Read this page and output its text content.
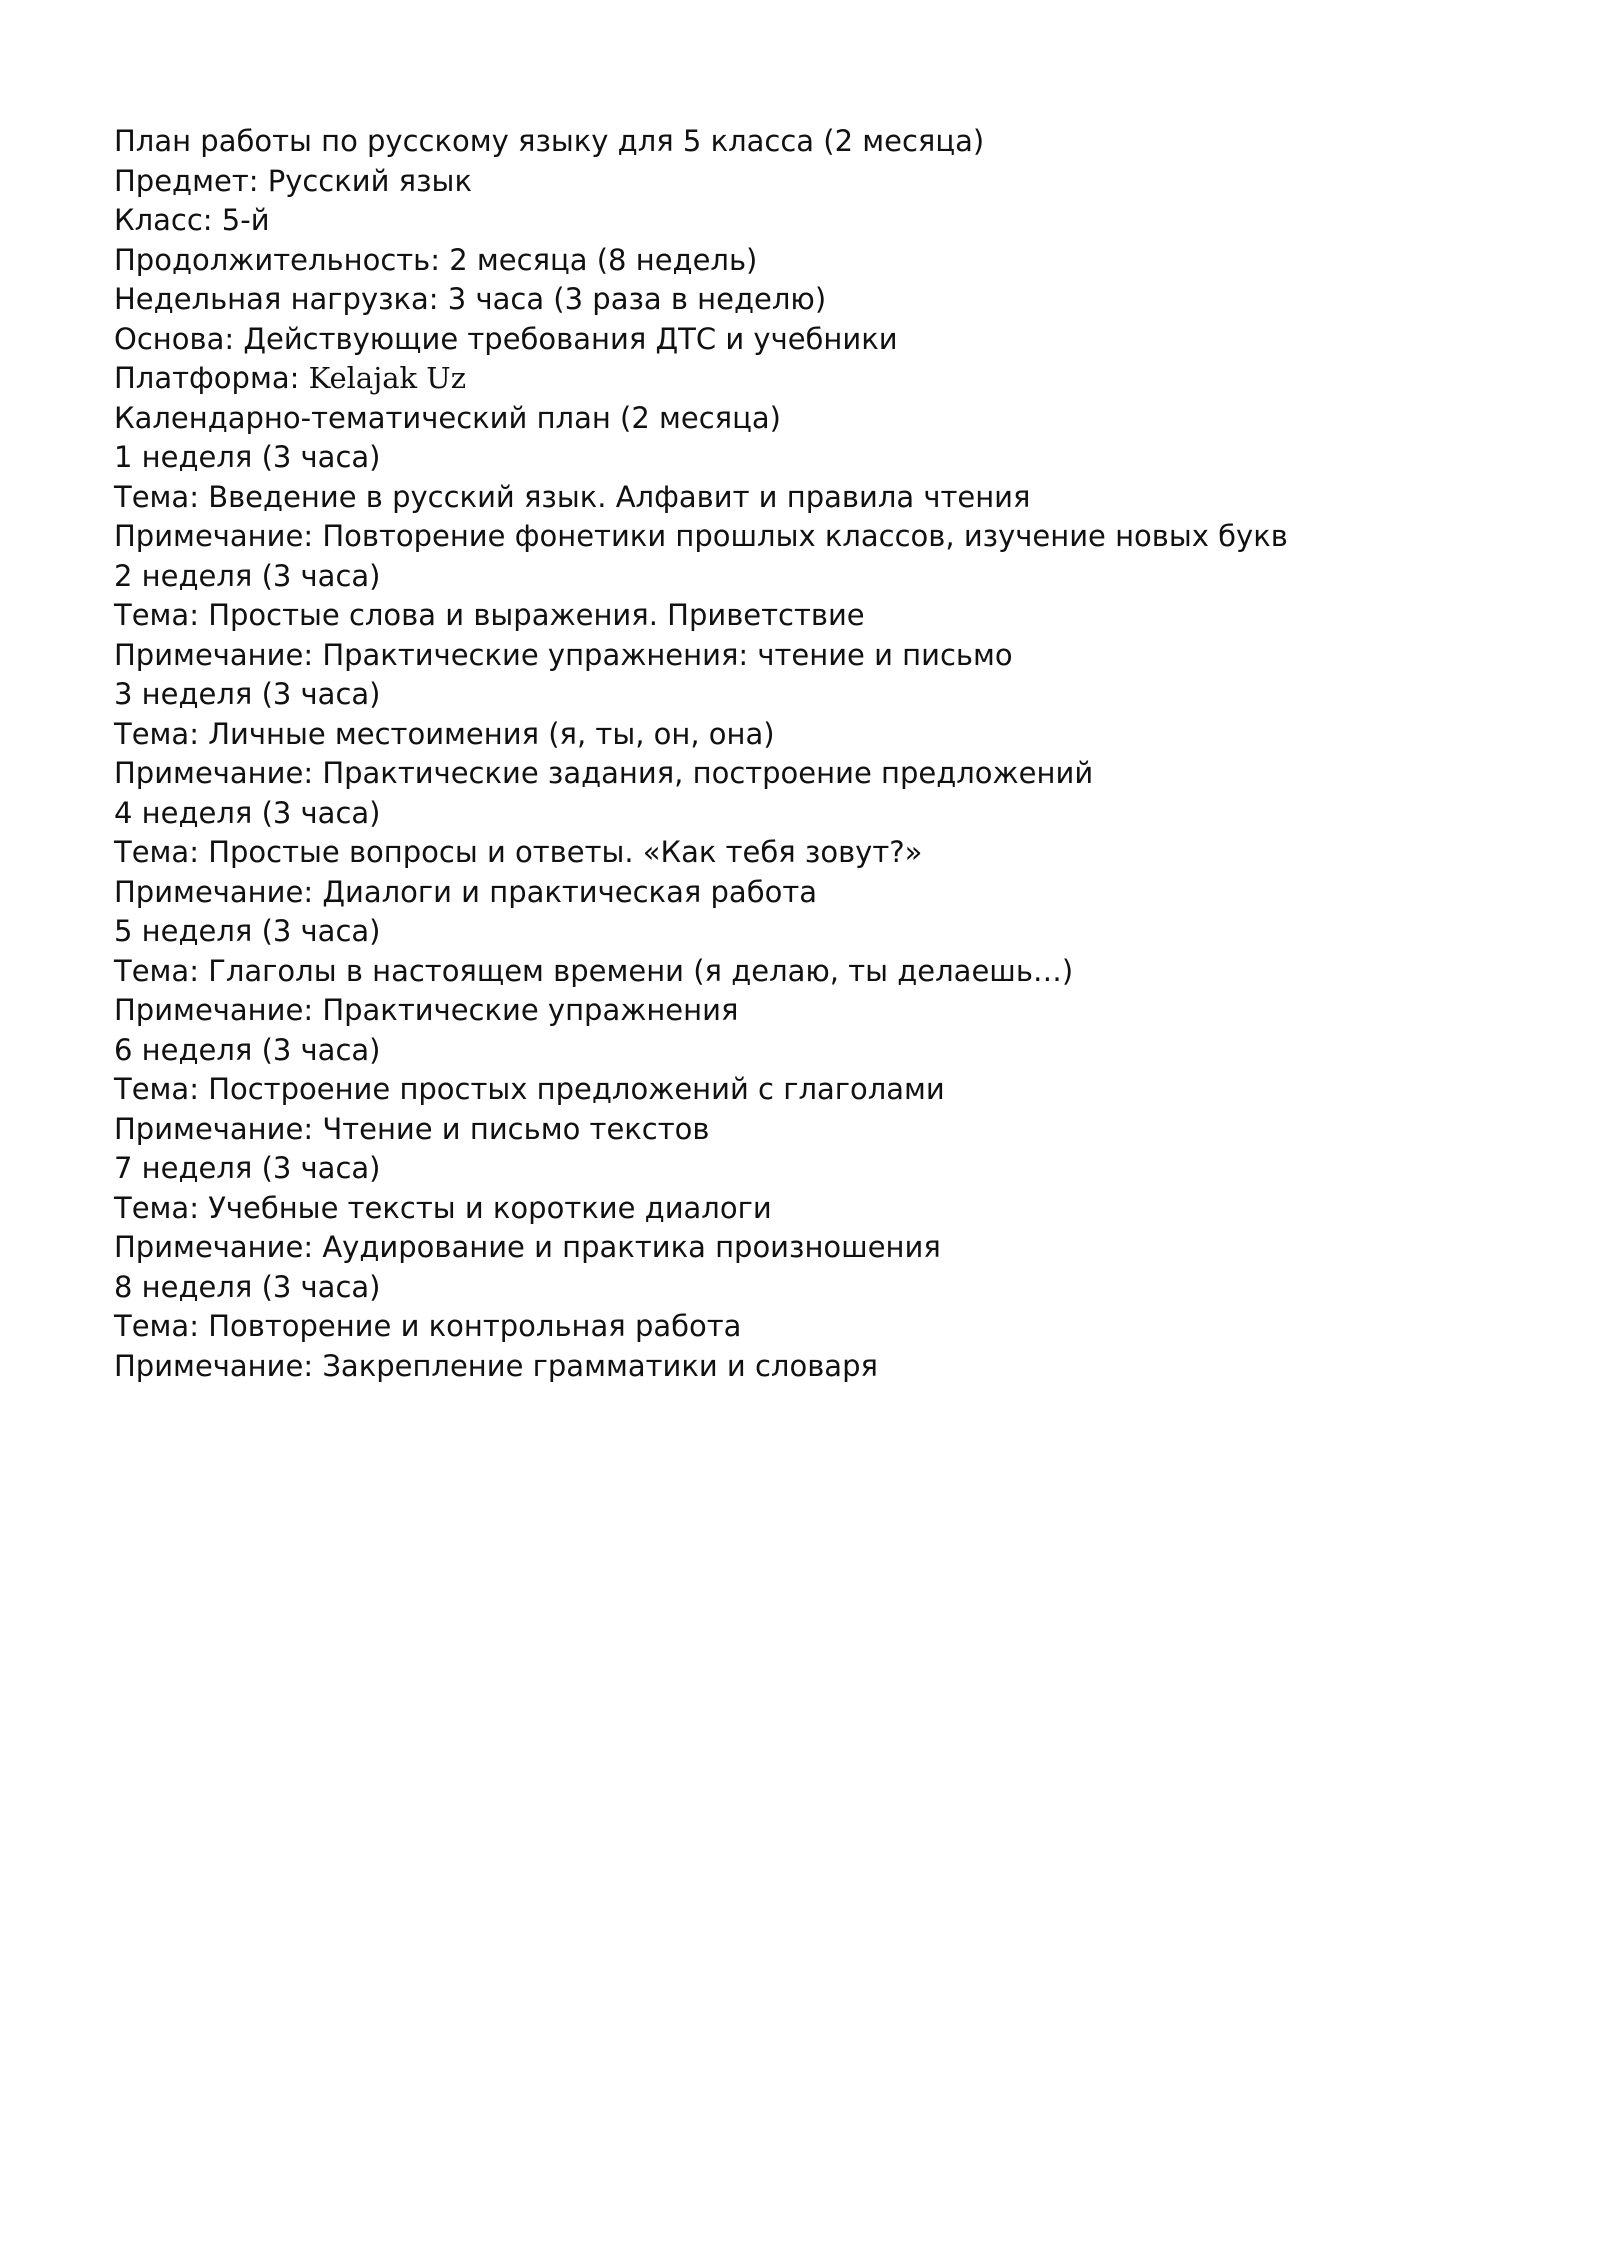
План работы по русскому языку для 5 класса (2 месяца)
Предмет: Русский язык
Класс: 5-й
Продолжительность: 2 месяца (8 недель)
Недельная нагрузка: 3 часа (3 раза в неделю)
Основа: Действующие требования ДТС и учебники
Платформа: Kelajak Uz
Календарно-тематический план (2 месяца)
1 неделя (3 часа)
Тема: Введение в русский язык. Алфавит и правила чтения
Примечание: Повторение фонетики прошлых классов, изучение новых букв
2 неделя (3 часа)
Тема: Простые слова и выражения. Приветствие
Примечание: Практические упражнения: чтение и письмо
3 неделя (3 часа)
Тема: Личные местоимения (я, ты, он, она)
Примечание: Практические задания, построение предложений
4 неделя (3 часа)
Тема: Простые вопросы и ответы. «Как тебя зовут?»
Примечание: Диалоги и практическая работа
5 неделя (3 часа)
Тема: Глаголы в настоящем времени (я делаю, ты делаешь…)
Примечание: Практические упражнения
6 неделя (3 часа)
Тема: Построение простых предложений с глаголами
Примечание: Чтение и письмо текстов
7 неделя (3 часа)
Тема: Учебные тексты и короткие диалоги
Примечание: Аудирование и практика произношения
8 неделя (3 часа)
Тема: Повторение и контрольная работа
Примечание: Закрепление грамматики и словаря
